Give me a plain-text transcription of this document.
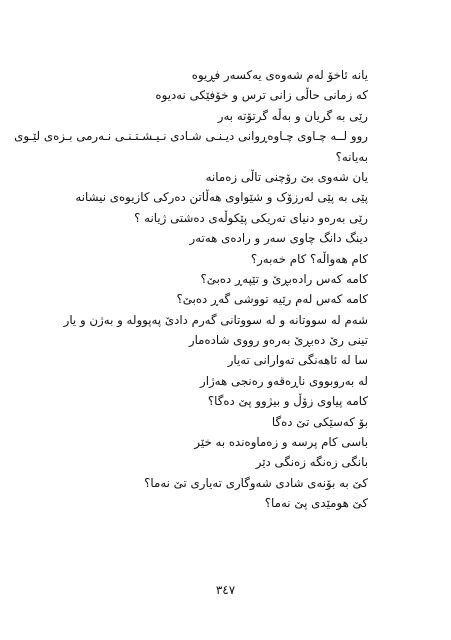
یانە ئاخۆ لەم شەوەی یەکسەر فڕیوە
کە زمانی حاڵی زانی ترس و خۆفێکی نەدیوە
رێی بە گریان و بەڵە گرتۆتە بەر
روو لــە چـاوی چـاوەڕوانی دیـنـی شـادی نـیـشـتـنـی نـەرمی بـزەی لێـوی
بەیانە؟
یان شەوی بێ رۆچنی تاڵی زەمانە
پێی بە پێی لەرزۆک و شێواوی هەڵاتن دەرکی کازیوەی نیشانە
رێی بەرەو دنیای تەریکی پێکوڵەی دەشتی ژیانە ؟
دینگ دانگ چاوی سەر و رادەی هەتەر
کام هەواڵە؟ کام خەبەر؟
کامە کەس رادەبڕێ و تێپەڕ دەبێ؟
کامە کەس لەم رێیە تووشی گەڕ دەبێ؟
شەم لە سووتانە و لە سووتانی گەرم دادێ پەپوولە و بەژن و یار
تینی رێ دەبڕێ بەرەو رووی شادەمار
سا لە ئاهەنگی تەوارانی تەیار
لە بەروبووی ناڕەقەو رەنجی هەژار
کامە پیاوی زۆڵ و بیژوو پێ دەگا؟
بۆ کەسێکی تێ دەگا
باسی کام پرسە و زەماوەندە بە خێر
بانگی زەنگە زەنگی دێر
کێ بە بۆنەی شادی شەوگاری تەیاری تێ نەما؟
کێ هومێدی پێ نەما؟
٣٤٧
